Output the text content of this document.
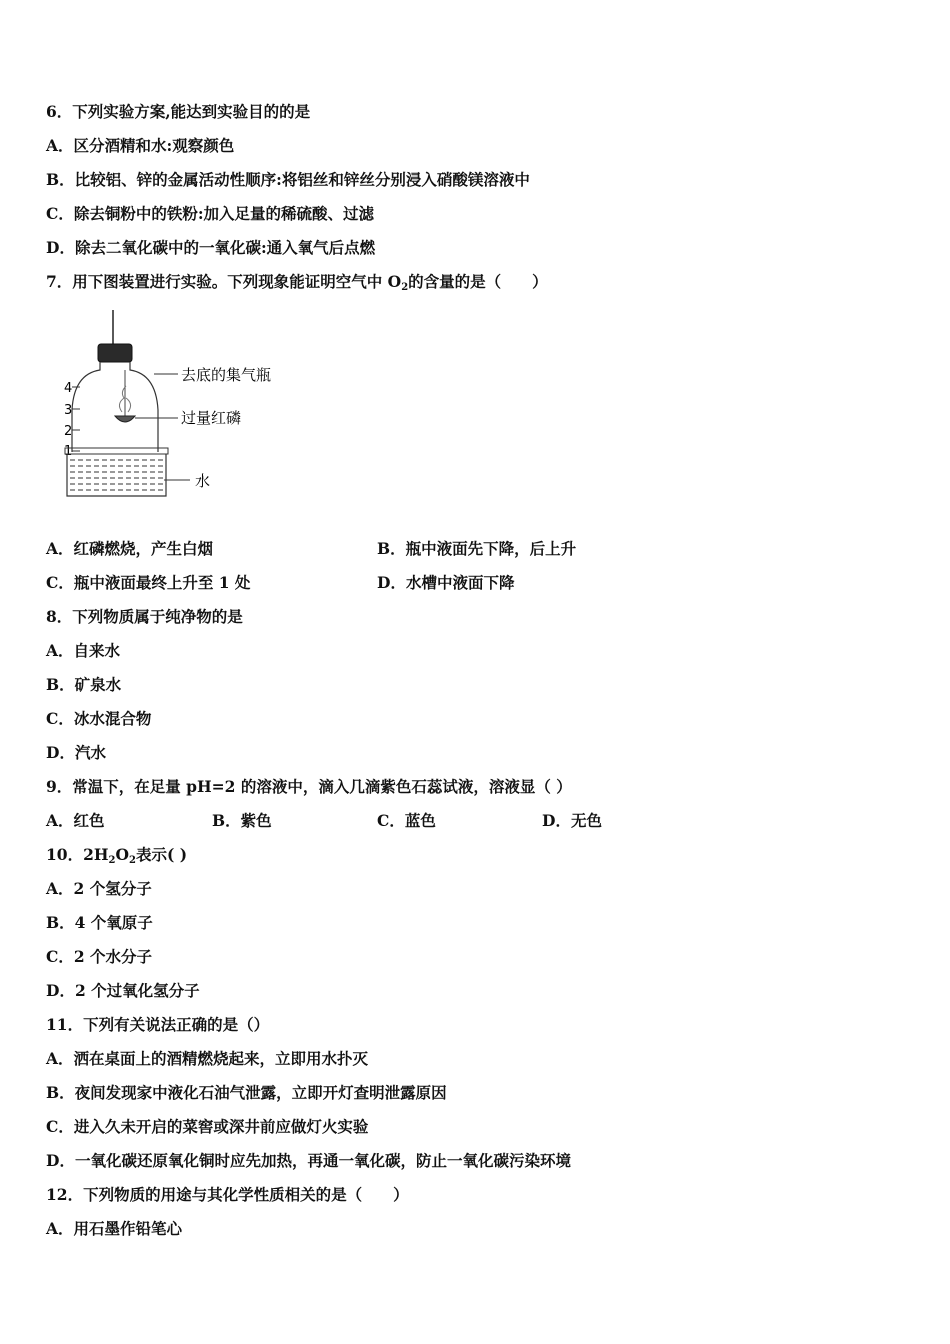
6．下列实验方案,能达到实验目的的是
A．区分酒精和水:观察颜色
B．比较铝、锌的金属活动性顺序:将铝丝和锌丝分别浸入硝酸镁溶液中
C．除去铜粉中的铁粉:加入足量的稀硫酸、过滤
D．除去二氧化碳中的一氧化碳:通入氧气后点燃
7．用下图装置进行实验。下列现象能证明空气中 $O_2$的含量的是（　　）
4
3
2
1
去底的集气瓶
过量红磷
水
A．红磷燃烧，产生白烟	B．瓶中液面先下降，后上升
C．瓶中液面最终上升至 1 处	D．水槽中液面下降
8．下列物质属于纯净物的是
A．自来水
B．矿泉水
C．冰水混合物
D．汽水
9．常温下，在足量 pH=2 的溶液中，滴入几滴紫色石蕊试液，溶液显（ ）
A．红色	B．紫色	C．蓝色	D．无色
10．$2H_2O_2$表示( )
A．2 个氢分子
B．4 个氧原子
C．2 个水分子
D．2 个过氧化氢分子
11．下列有关说法正确的是（）
A．洒在桌面上的酒精燃烧起来，立即用水扑灭
B．夜间发现家中液化石油气泄露，立即开灯查明泄露原因
C．进入久未开启的菜窖或深井前应做灯火实验
D．一氧化碳还原氧化铜时应先加热，再通一氧化碳，防止一氧化碳污染环境
12．下列物质的用途与其化学性质相关的是（　　）
A．用石墨作铅笔心
